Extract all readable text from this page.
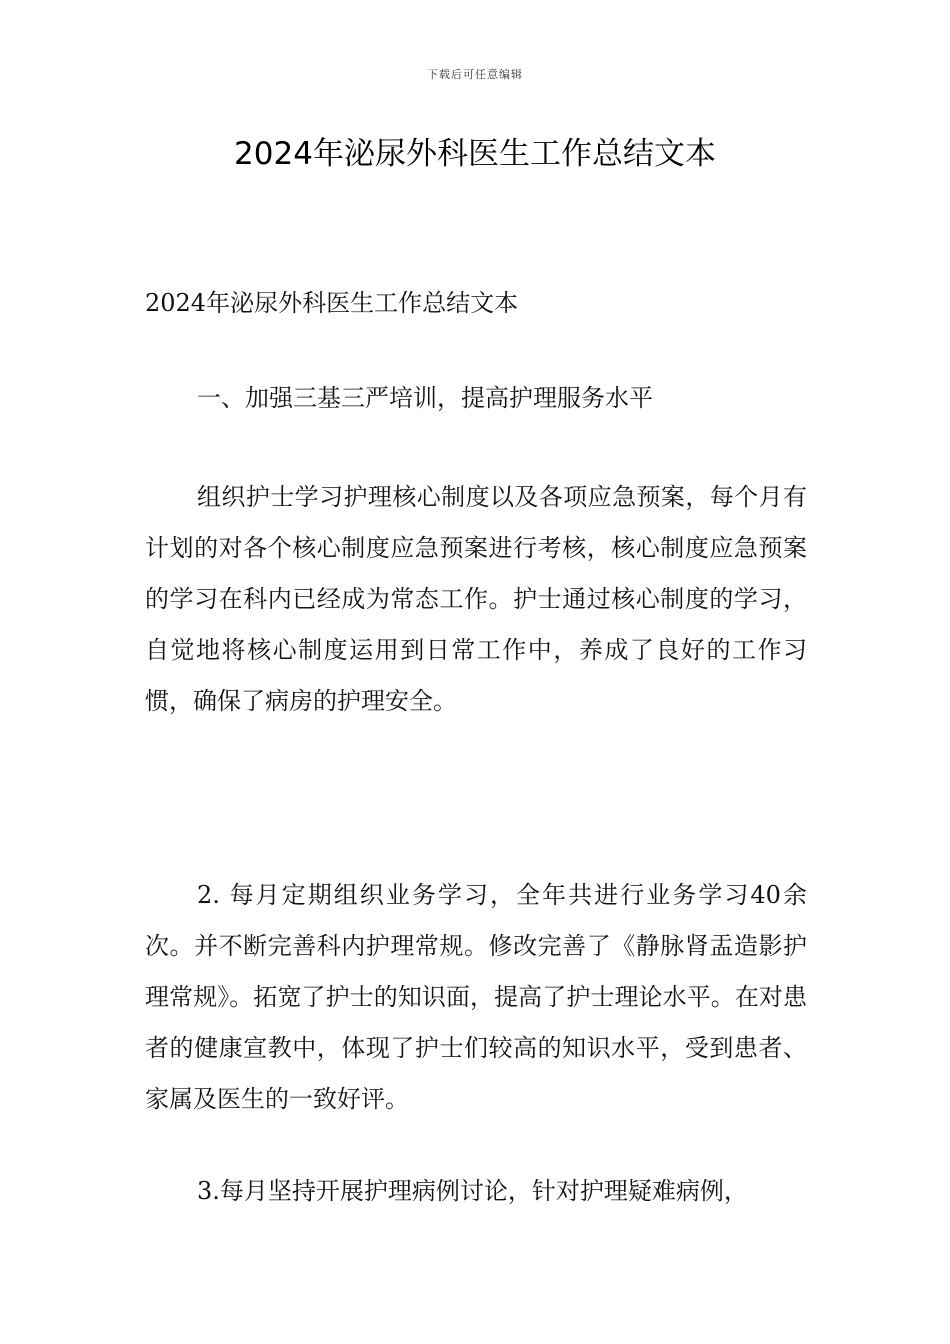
下载后可任意编辑
2024年泌尿外科医生工作总结文本

2024年泌尿外科医生工作总结文本

一、加强三基三严培训，提高护理服务水平

组织护士学习护理核心制度以及各项应急预案，每个月有计划的对各个核心制度应急预案进行考核，核心制度应急预案的学习在科内已经成为常态工作。护士通过核心制度的学习，自觉地将核心制度运用到日常工作中，养成了良好的工作习惯，确保了病房的护理安全。

2. 每月定期组织业务学习，全年共进行业务学习40余次。并不断完善科内护理常规。修改完善了《静脉肾盂造影护理常规》。拓宽了护士的知识面，提高了护士理论水平。在对患者的健康宣教中，体现了护士们较高的知识水平，受到患者、家属及医生的一致好评。

3.每月坚持开展护理病例讨论，针对护理疑难病例，
